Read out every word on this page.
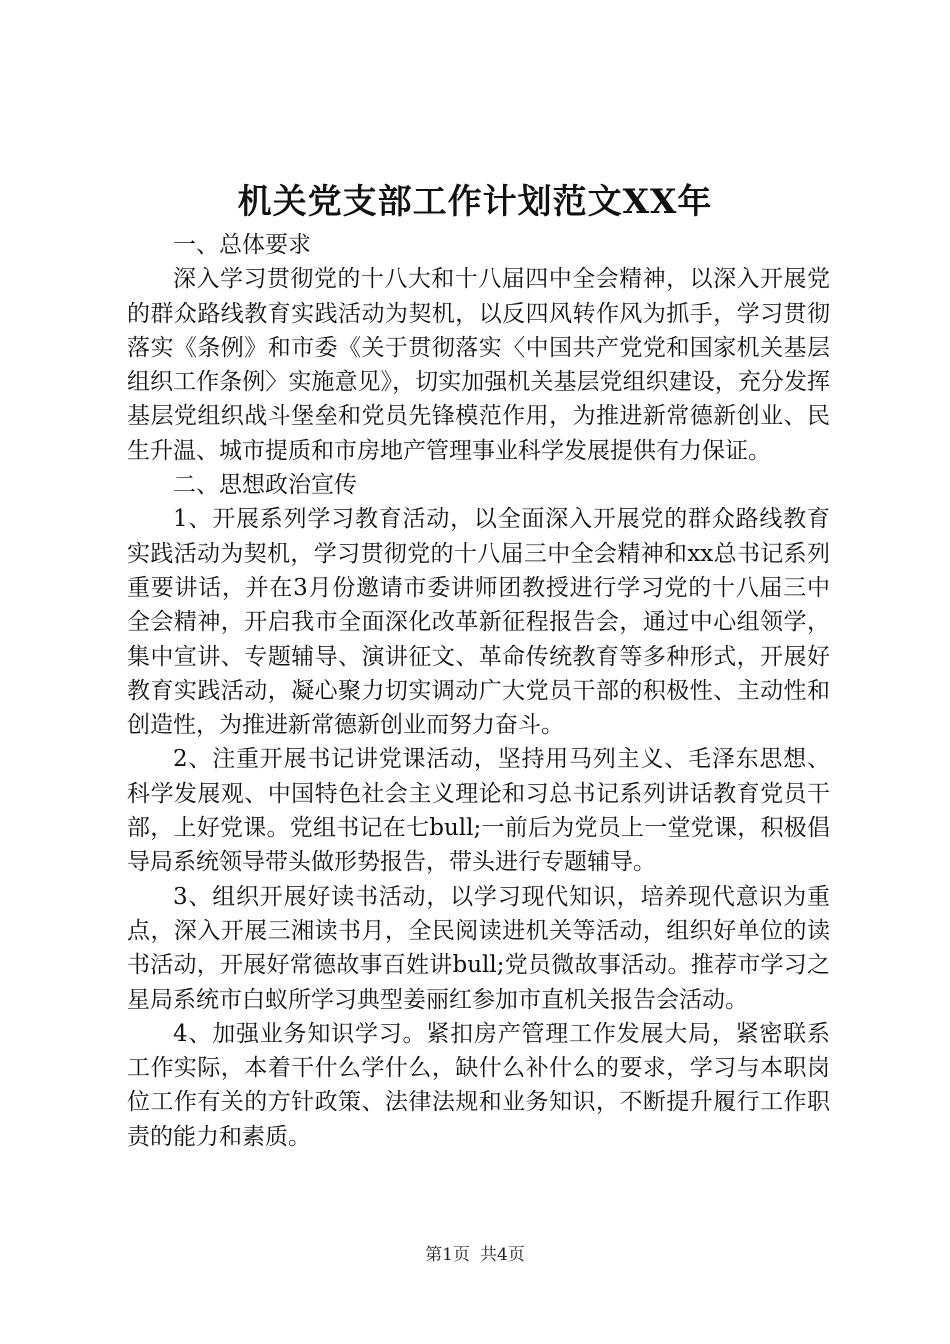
机关党支部工作计划范文XX年

一、总体要求

深入学习贯彻党的十八大和十八届四中全会精神，以深入开展党的群众路线教育实践活动为契机，以反四风转作风为抓手，学习贯彻落实《条例》和市委《关于贯彻落实〈中国共产党党和国家机关基层组织工作条例〉实施意见》，切实加强机关基层党组织建设，充分发挥基层党组织战斗堡垒和党员先锋模范作用，为推进新常德新创业、民生升温、城市提质和市房地产管理事业科学发展提供有力保证。

二、思想政治宣传

1、开展系列学习教育活动，以全面深入开展党的群众路线教育实践活动为契机，学习贯彻党的十八届三中全会精神和xx总书记系列重要讲话，并在3月份邀请市委讲师团教授进行学习党的十八届三中全会精神，开启我市全面深化改革新征程报告会，通过中心组领学，集中宣讲、专题辅导、演讲征文、革命传统教育等多种形式，开展好教育实践活动，凝心聚力切实调动广大党员干部的积极性、主动性和创造性，为推进新常德新创业而努力奋斗。

2、注重开展书记讲党课活动，坚持用马列主义、毛泽东思想、科学发展观、中国特色社会主义理论和习总书记系列讲话教育党员干部，上好党课。党组书记在七bull;一前后为党员上一堂党课，积极倡导局系统领导带头做形势报告，带头进行专题辅导。

3、组织开展好读书活动，以学习现代知识，培养现代意识为重点，深入开展三湘读书月，全民阅读进机关等活动，组织好单位的读书活动，开展好常德故事百姓讲bull;党员微故事活动。推荐市学习之星局系统市白蚁所学习典型姜丽红参加市直机关报告会活动。

4、加强业务知识学习。紧扣房产管理工作发展大局，紧密联系工作实际，本着干什么学什么，缺什么补什么的要求，学习与本职岗位工作有关的方针政策、法律法规和业务知识，不断提升履行工作职责的能力和素质。

第1页 共4页
